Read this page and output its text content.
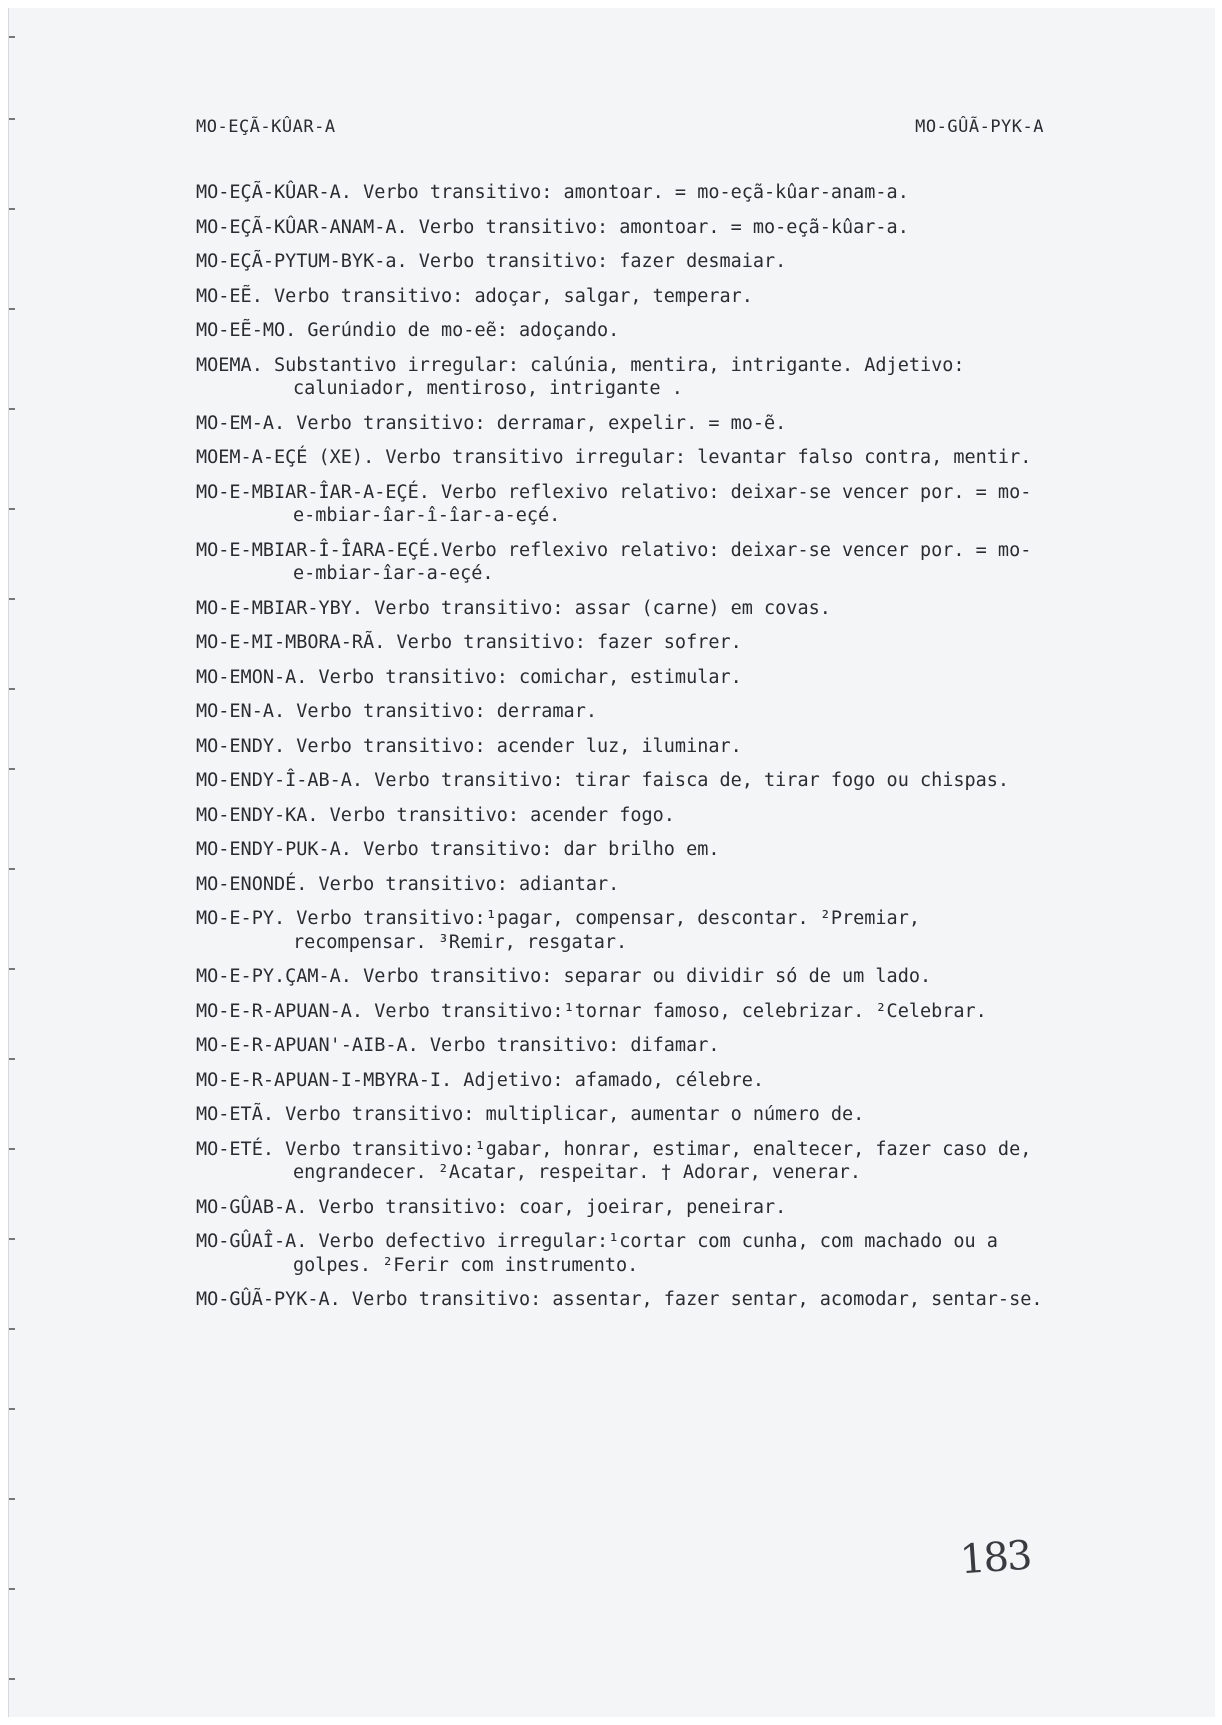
MO-EÇÃ-KÛAR-A	MO-GÛÃ-PYK-A
MO-EÇÃ-KÛAR-A. Verbo transitivo: amontoar. = mo-eçã-kûar-anam-a.
MO-EÇÃ-KÛAR-ANAM-A. Verbo transitivo: amontoar. = mo-eçã-kûar-a.
MO-EÇÃ-PYTUM-BYK-a. Verbo transitivo: fazer desmaiar.
MO-EẼ. Verbo transitivo: adoçar, salgar, temperar.
MO-EẼ-MO. Gerúndio de mo-eẽ: adoçando.
MOEMA. Substantivo irregular: calúnia, mentira, intrigante. Adjetivo: caluniador, mentiroso, intrigante .
MO-EM-A. Verbo transitivo: derramar, expelir. = mo-ẽ.
MOEM-A-EÇÉ (XE). Verbo transitivo irregular: levantar falso contra, mentir.
MO-E-MBIAR-ÎAR-A-EÇÉ. Verbo reflexivo relativo: deixar-se vencer por. = mo-e-mbiar-îar-î-îar-a-eçé.
MO-E-MBIAR-Î-ÎARA-EÇÉ.Verbo reflexivo relativo: deixar-se vencer por. = mo-e-mbiar-îar-a-eçé.
MO-E-MBIAR-YBY. Verbo transitivo: assar (carne) em covas.
MO-E-MI-MBORA-RÃ. Verbo transitivo: fazer sofrer.
MO-EMON-A. Verbo transitivo: comichar, estimular.
MO-EN-A. Verbo transitivo: derramar.
MO-ENDY. Verbo transitivo: acender luz, iluminar.
MO-ENDY-Î-AB-A. Verbo transitivo: tirar faisca de, tirar fogo ou chispas.
MO-ENDY-KA. Verbo transitivo: acender fogo.
MO-ENDY-PUK-A. Verbo transitivo: dar brilho em.
MO-ENONDÉ. Verbo transitivo: adiantar.
MO-E-PY. Verbo transitivo:¹pagar, compensar, descontar. ²Premiar, recompensar. ³Remir, resgatar.
MO-E-PY.ÇAM-A. Verbo transitivo: separar ou dividir só de um lado.
MO-E-R-APUAN-A. Verbo transitivo:¹tornar famoso, celebrizar. ²Celebrar.
MO-E-R-APUAN'-AIB-A. Verbo transitivo: difamar.
MO-E-R-APUAN-I-MBYRA-I. Adjetivo: afamado, célebre.
MO-ETÃ. Verbo transitivo: multiplicar, aumentar o número de.
MO-ETÉ. Verbo transitivo:¹gabar, honrar, estimar, enaltecer, fazer caso de, engrandecer. ²Acatar, respeitar. † Adorar, venerar.
MO-GÛAB-A. Verbo transitivo: coar, joeirar, peneirar.
MO-GÛAÎ-A. Verbo defectivo irregular:¹cortar com cunha, com machado ou a golpes. ²Ferir com instrumento.
MO-GÛÃ-PYK-A. Verbo transitivo: assentar, fazer sentar, acomodar, sentar-se.
183
